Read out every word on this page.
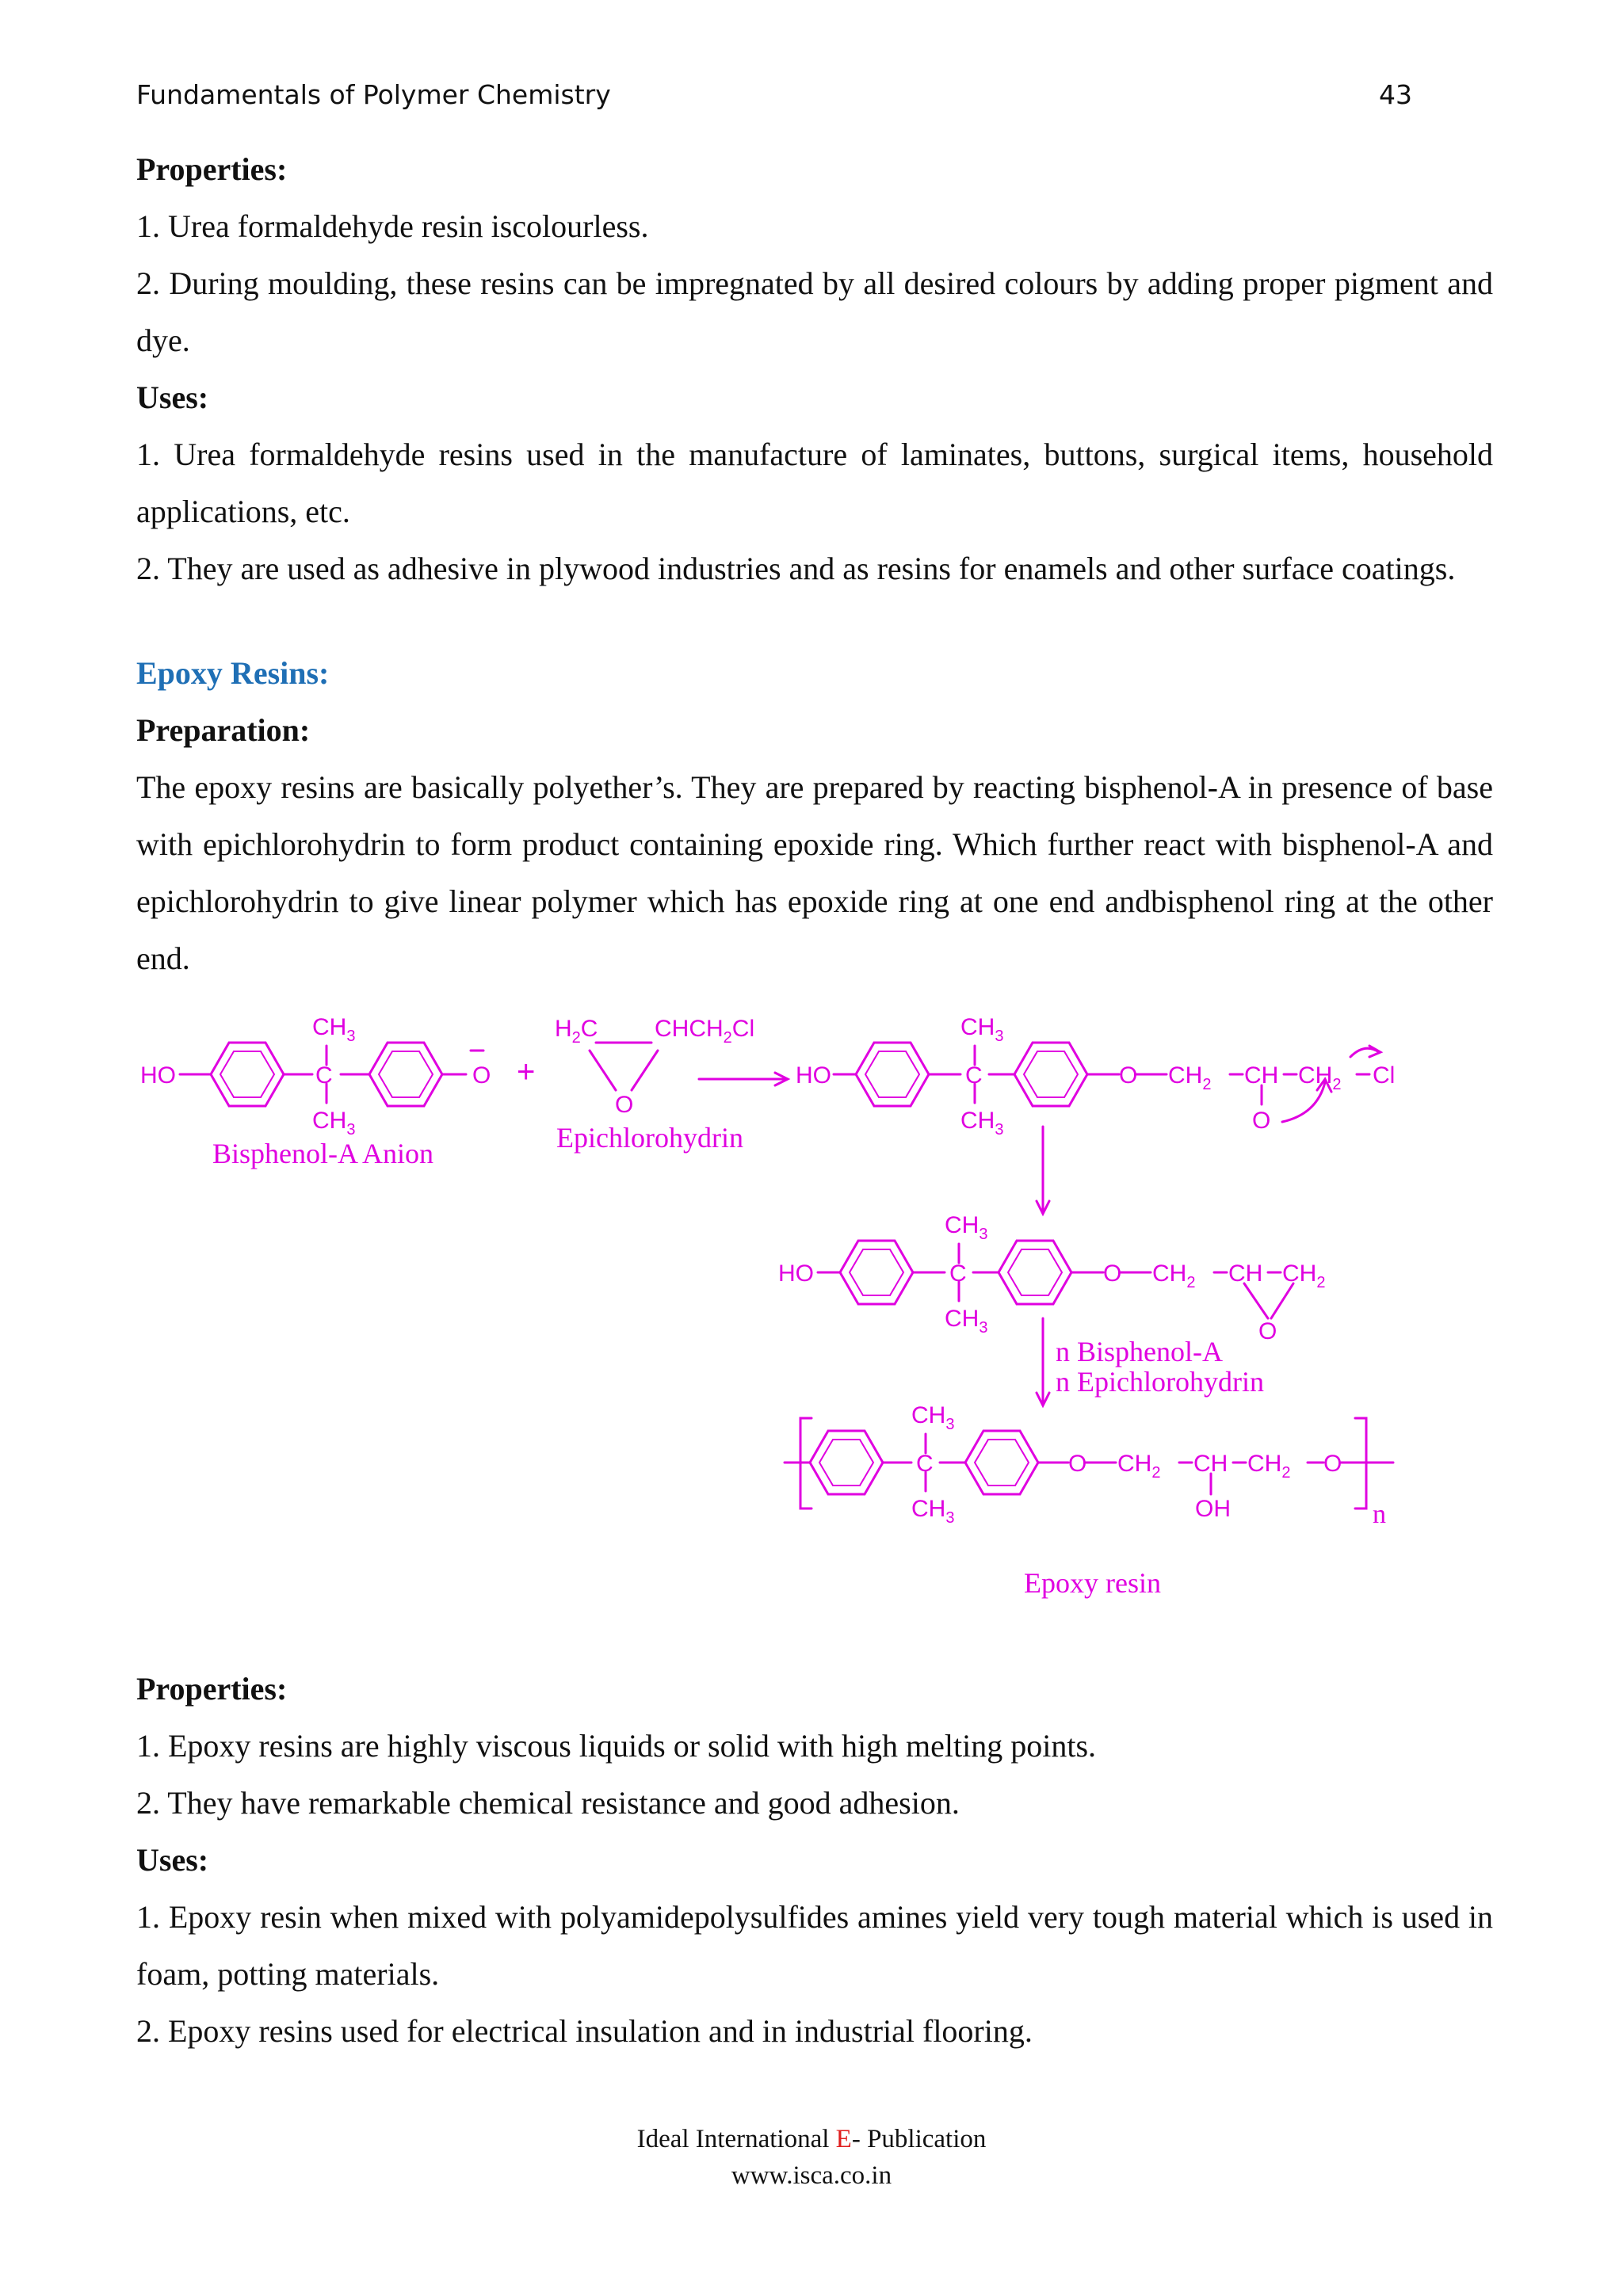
Fundamentals of Polymer Chemistry	43
Properties:

1. Urea formaldehyde resin iscolourless.

2. During moulding, these resins can be impregnated by all desired colours by adding proper pigment and dye.

Uses:

1. Urea formaldehyde resins used in the manufacture of laminates, buttons, surgical items, household applications, etc.

2. They are used as adhesive in plywood industries and as resins for enamels and other surface coatings.

Epoxy Resins:
Preparation:

The epoxy resins are basically polyether’s. They are prepared by reacting bisphenol-A in presence of base with epichlorohydrin to form product containing epoxide ring. Which further react with bisphenol-A and epichlorohydrin to give linear polymer which has epoxide ring at one end andbisphenol ring at the other end.

HO
$CH_3$
C
$CH_3$
O +
$H_2C$ $CHCH_2Cl$
O
HO
$CH_3$
C
$CH_3$
O $CH_2$ CH $CH_2$ Cl
O
HO
$CH_3$
C
$CH_3$
O $CH_2$ CH $CH_2$
O
$CH_3$
C
$CH_3$
O $CH_2$ CH $CH_2$ O
OH	n
Bisphenol-A Anion	Epichlorohydrin
n Bisphenol-A
n Epichlorohydrin
Epoxy resin
Properties:

1. Epoxy resins are highly viscous liquids or solid with high melting points.

2. They have remarkable chemical resistance and good adhesion.

Uses:

1. Epoxy resin when mixed with polyamidepolysulfides amines yield very tough material which is used in foam, potting materials.

2. Epoxy resins used for electrical insulation and in industrial flooring.

Ideal International E- Publication
www.isca.co.in
